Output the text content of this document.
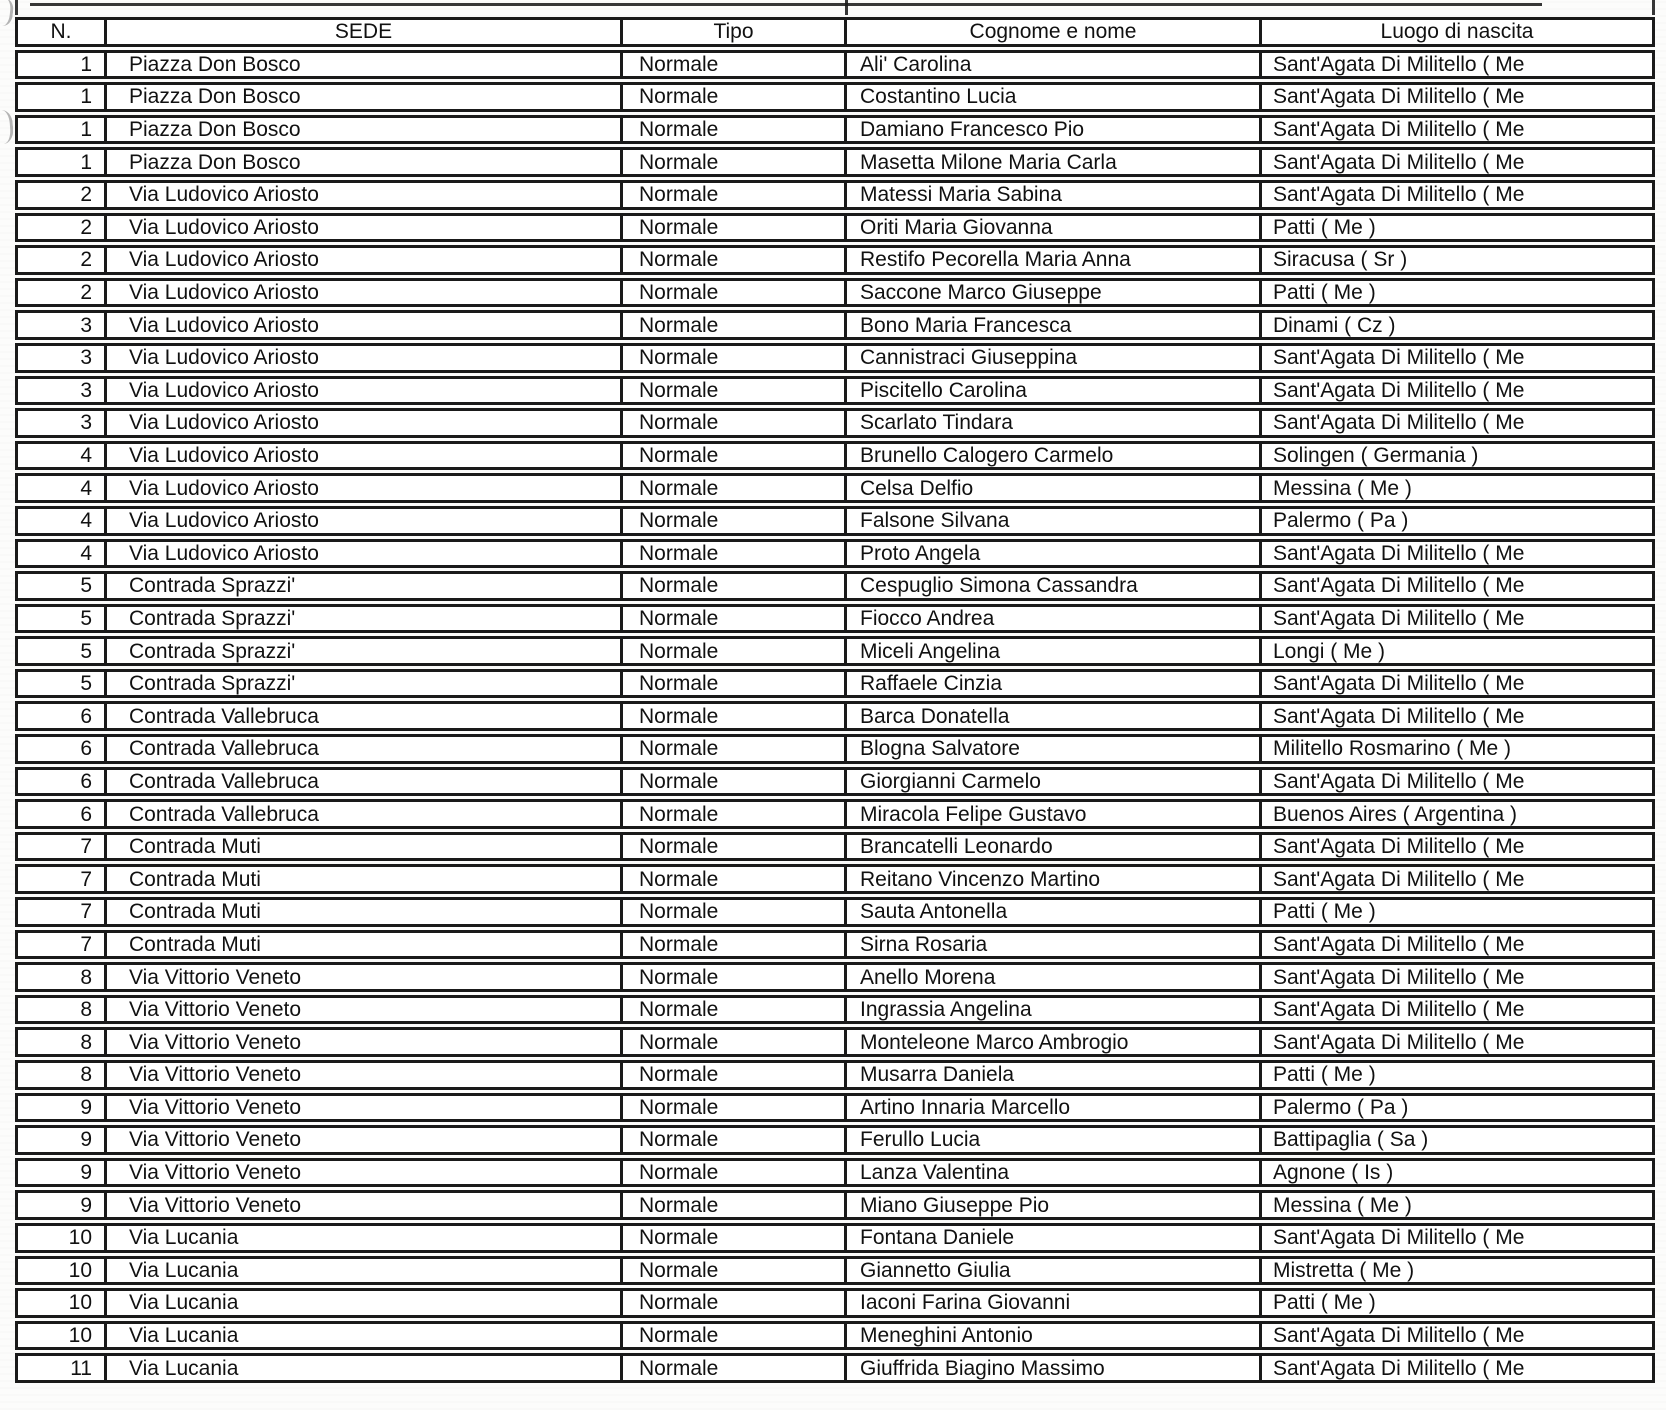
N.	SEDE	Tipo	Cognome e nome	Luogo di nascita
1	Piazza Don Bosco	Normale	Ali' Carolina	Sant'Agata Di Militello ( Me
1	Piazza Don Bosco	Normale	Costantino Lucia	Sant'Agata Di Militello ( Me
1	Piazza Don Bosco	Normale	Damiano Francesco Pio	Sant'Agata Di Militello ( Me
1	Piazza Don Bosco	Normale	Masetta Milone Maria Carla	Sant'Agata Di Militello ( Me
2	Via Ludovico Ariosto	Normale	Matessi Maria Sabina	Sant'Agata Di Militello ( Me
2	Via Ludovico Ariosto	Normale	Oriti Maria Giovanna	Patti ( Me )
2	Via Ludovico Ariosto	Normale	Restifo Pecorella Maria Anna	Siracusa ( Sr )
2	Via Ludovico Ariosto	Normale	Saccone Marco Giuseppe	Patti ( Me )
3	Via Ludovico Ariosto	Normale	Bono Maria Francesca	Dinami ( Cz )
3	Via Ludovico Ariosto	Normale	Cannistraci Giuseppina	Sant'Agata Di Militello ( Me
3	Via Ludovico Ariosto	Normale	Piscitello Carolina	Sant'Agata Di Militello ( Me
3	Via Ludovico Ariosto	Normale	Scarlato Tindara	Sant'Agata Di Militello ( Me
4	Via Ludovico Ariosto	Normale	Brunello Calogero Carmelo	Solingen ( Germania )
4	Via Ludovico Ariosto	Normale	Celsa Delfio	Messina ( Me )
4	Via Ludovico Ariosto	Normale	Falsone Silvana	Palermo ( Pa )
4	Via Ludovico Ariosto	Normale	Proto Angela	Sant'Agata Di Militello ( Me
5	Contrada Sprazzi'	Normale	Cespuglio Simona Cassandra	Sant'Agata Di Militello ( Me
5	Contrada Sprazzi'	Normale	Fiocco Andrea	Sant'Agata Di Militello ( Me
5	Contrada Sprazzi'	Normale	Miceli Angelina	Longi ( Me )
5	Contrada Sprazzi'	Normale	Raffaele Cinzia	Sant'Agata Di Militello ( Me
6	Contrada Vallebruca	Normale	Barca Donatella	Sant'Agata Di Militello ( Me
6	Contrada Vallebruca	Normale	Blogna Salvatore	Militello Rosmarino ( Me )
6	Contrada Vallebruca	Normale	Giorgianni Carmelo	Sant'Agata Di Militello ( Me
6	Contrada Vallebruca	Normale	Miracola Felipe Gustavo	Buenos Aires ( Argentina )
7	Contrada Muti	Normale	Brancatelli Leonardo	Sant'Agata Di Militello ( Me
7	Contrada Muti	Normale	Reitano Vincenzo Martino	Sant'Agata Di Militello ( Me
7	Contrada Muti	Normale	Sauta Antonella	Patti ( Me )
7	Contrada Muti	Normale	Sirna Rosaria	Sant'Agata Di Militello ( Me
8	Via Vittorio Veneto	Normale	Anello Morena	Sant'Agata Di Militello ( Me
8	Via Vittorio Veneto	Normale	Ingrassia Angelina	Sant'Agata Di Militello ( Me
8	Via Vittorio Veneto	Normale	Monteleone Marco Ambrogio	Sant'Agata Di Militello ( Me
8	Via Vittorio Veneto	Normale	Musarra Daniela	Patti ( Me )
9	Via Vittorio Veneto	Normale	Artino Innaria Marcello	Palermo ( Pa )
9	Via Vittorio Veneto	Normale	Ferullo Lucia	Battipaglia ( Sa )
9	Via Vittorio Veneto	Normale	Lanza Valentina	Agnone ( Is )
9	Via Vittorio Veneto	Normale	Miano Giuseppe Pio	Messina ( Me )
10	Via Lucania	Normale	Fontana Daniele	Sant'Agata Di Militello ( Me
10	Via Lucania	Normale	Giannetto Giulia	Mistretta ( Me )
10	Via Lucania	Normale	Iaconi Farina Giovanni	Patti ( Me )
10	Via Lucania	Normale	Meneghini Antonio	Sant'Agata Di Militello ( Me
11	Via Lucania	Normale	Giuffrida Biagino Massimo	Sant'Agata Di Militello ( Me
